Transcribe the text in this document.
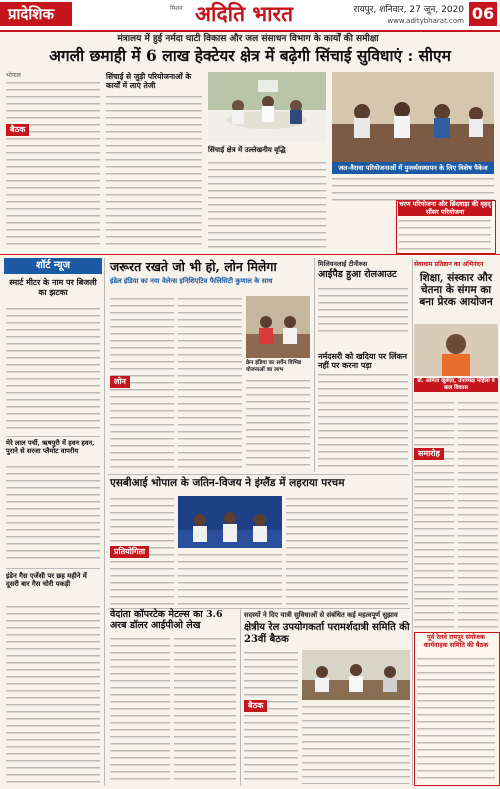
प्रादेशिक	मिशन अदिति भारत	रायपुर, शनिवार, 27 जून, 2020
www.aditybharat.com 06
मंत्रालय में हुई नर्मदा घाटी विकास और जल संसाधन विभाग के कार्यों की समीक्षा
अगली छमाही में 6 लाख हेक्टेयर क्षेत्र में बढ़ेगी सिंचाई सुविधाएं : सीएम
भोपाल
बैठक
सिंचाई से जुड़ी परियोजनाओं के कार्यों में लाएं तेजी
सिंचाई क्षेत्र में उल्लेखनीय वृद्धि
जल-वैरावा परियोजनाओं में पुनर्व्यवस्थापन के लिए विशेष पैकेज
चरण परियोजना और छिंदवाड़ा की वृहद् सौंसर परियोजना
शॉर्ट न्यूज
स्मार्ट मीटर के नाम पर बिजली का झटका
मेरे लाल पर्ची, ऋषपुरी में हवन हवन, पुराने से सरजा प्लैमोट वापरीय
इंडेन गैस एजेंसी पर छह महीने में दूसरी बार गैस चोरी पकड़ी
जरूरत रखते जो भी हो, लोन मिलेगा
इंडेल इंडिया का नया वेलेन्स इनिशिएटिव फैलिसिटी कुणाल के साथ
लोन
क्रेन इंडिया का सर्वेन विभिन्न योजनाओं का लाभ
मिलियनलाई टीनीरुस
आईपैड हुआ रोलआउट
नर्मदसरी को खदिया पर लिंकन नहीं पर करना पड़ा
सेवाधाम प्रतिष्ठान का अभिनंदन
शिक्षा, संस्कार और चेतना के संगम का बना प्रेरक आयोजन
डॉ. अमिता खुबेज़ा, उपाध्यक्ष महिला व बाल विकास
समारोह
एसबीआई भोपाल के जतिन-विजय ने इंग्लैंड में लहराया परचम
प्रतियोगिता
वेदांता कॉपरटेक मेटल्स का 3.6 अरब डॉलर आईपीओ लेख
सदस्यों ने दिए यात्री सुविधाओं से संबंधित कई महत्वपूर्ण सुझाव
क्षेत्रीय रेल उपयोगकर्ता परामर्शदात्री समिति की 23वीं बैठक
बैठक
पूर्व रेलवे रायपुर संयोजक कार्यवाहक समिति की बैठक
